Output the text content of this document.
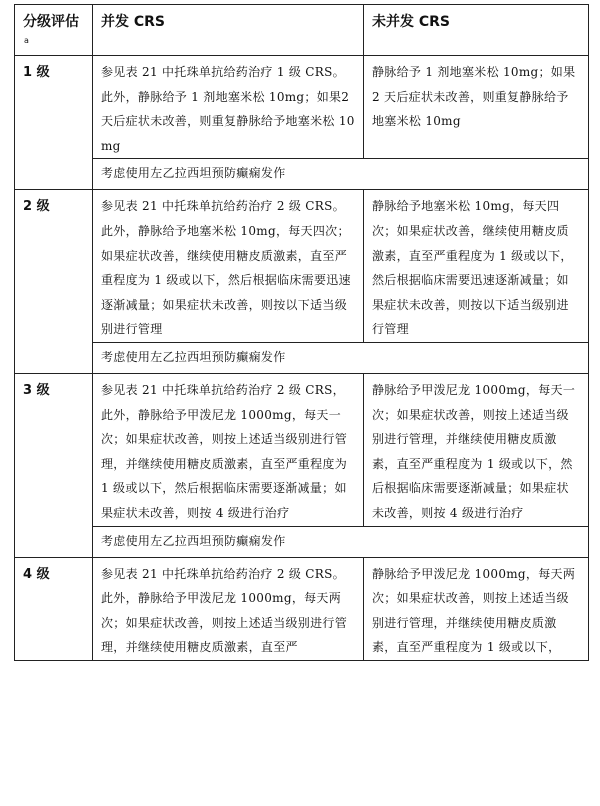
分级评估$^a$	并发 CRS	未并发 CRS
1 级	参见表 21 中托珠单抗给药治疗 1 级 CRS。此外，静脉给予 1 剂地塞米松 10mg；如果2 天后症状未改善，则重复静脉给予地塞米松 10mg	静脉给予 1 剂地塞米松 10mg；如果2 天后症状未改善，则重复静脉给予地塞米松 10mg
	考虑使用左乙拉西坦预防癫痫发作	
2 级	参见表 21 中托珠单抗给药治疗 2 级 CRS。此外，静脉给予地塞米松 10mg，每天四次；如果症状改善，继续使用糖皮质激素，直至严重程度为 1 级或以下，然后根据临床需要迅速逐渐减量；如果症状未改善，则按以下适当级别进行管理	静脉给予地塞米松 10mg，每天四次；如果症状改善，继续使用糖皮质激素，直至严重程度为 1 级或以下，然后根据临床需要迅速逐渐减量；如果症状未改善，则按以下适当级别进行管理
	考虑使用左乙拉西坦预防癫痫发作	
3 级	参见表 21 中托珠单抗给药治疗 2 级 CRS，此外，静脉给予甲泼尼龙 1000mg，每天一次；如果症状改善，则按上述适当级别进行管理，并继续使用糖皮质激素，直至严重程度为 1 级或以下，然后根据临床需要逐渐减量；如果症状未改善，则按 4 级进行治疗	静脉给予甲泼尼龙 1000mg，每天一次；如果症状改善，则按上述适当级别进行管理，并继续使用糖皮质激素，直至严重程度为 1 级或以下，然后根据临床需要逐渐减量；如果症状未改善，则按 4 级进行治疗
	考虑使用左乙拉西坦预防癫痫发作	
4 级	参见表 21 中托珠单抗给药治疗 2 级 CRS。此外，静脉给予甲泼尼龙 1000mg，每天两次；如果症状改善，则按上述适当级别进行管理，并继续使用糖皮质激素，直至严	静脉给予甲泼尼龙 1000mg，每天两次；如果症状改善，则按上述适当级别进行管理，并继续使用糖皮质激素，直至严重程度为 1 级或以下，
